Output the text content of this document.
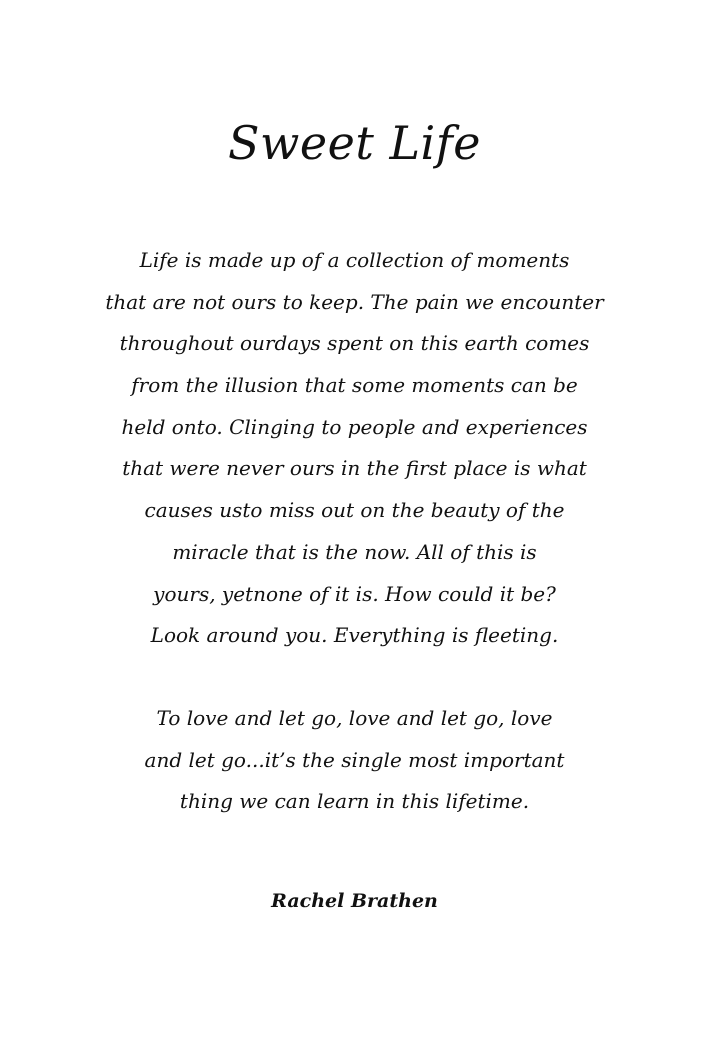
Sweet Life
Life is made up of a collection of moments
that are not ours to keep. The pain we encounter
throughout ourdays spent on this earth comes
from the illusion that some moments can be
held onto. Clinging to people and experiences
that were never ours in the first place is what
causes usto miss out on the beauty of the
miracle that is the now. All of this is
yours, yetnone of it is. How could it be?
Look around you. Everything is fleeting.
To love and let go, love and let go, love
and let go...it’s the single most important
thing we can learn in this lifetime.
Rachel Brathen
